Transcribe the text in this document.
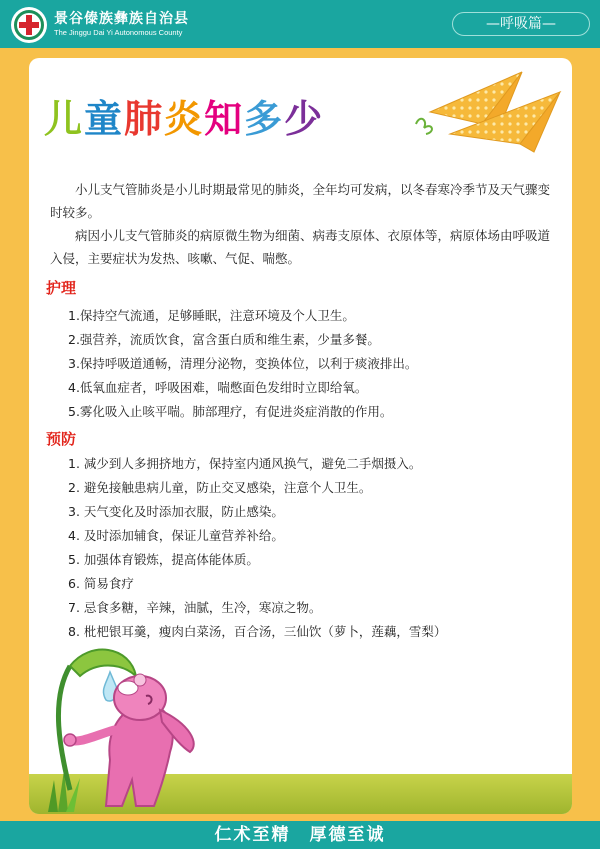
景谷傣族彝族自治县
The Jinggu Dai Yi Autonomous County
—呼吸篇—
儿童肺炎知多少
小儿支气管肺炎是小儿时期最常见的肺炎，全年均可发病，以冬春寒冷季节及天气骤变时较多。
病因小儿支气管肺炎的病原微生物为细菌、病毒支原体、衣原体等，病原体场由呼吸道入侵，主要症状为发热、咳嗽、气促、喘憋。
护理
1.保持空气流通，足够睡眠，注意环境及个人卫生。
2.强营养，流质饮食，富含蛋白质和维生素，少量多餐。
3.保持呼吸道通畅，清理分泌物，变换体位，以利于痰液排出。
4.低氧血症者，呼吸困难，喘憋面色发绀时立即给氧。
5.雾化吸入止咳平喘。肺部理疗，有促进炎症消散的作用。
预防
1. 减少到人多拥挤地方，保持室内通风换气，避免二手烟摄入。
2. 避免接触患病儿童，防止交叉感染，注意个人卫生。
3. 天气变化及时添加衣服，防止感染。
4. 及时添加辅食，保证儿童营养补给。
5. 加强体育锻炼，提高体能体质。
6. 简易食疗
7. 忌食多糖，辛辣，油腻，生冷，寒凉之物。
8. 枇杷银耳羹，瘦肉白菜汤，百合汤，三仙饮（萝卜，莲藕，雪梨）
仁术至精　厚德至诚
